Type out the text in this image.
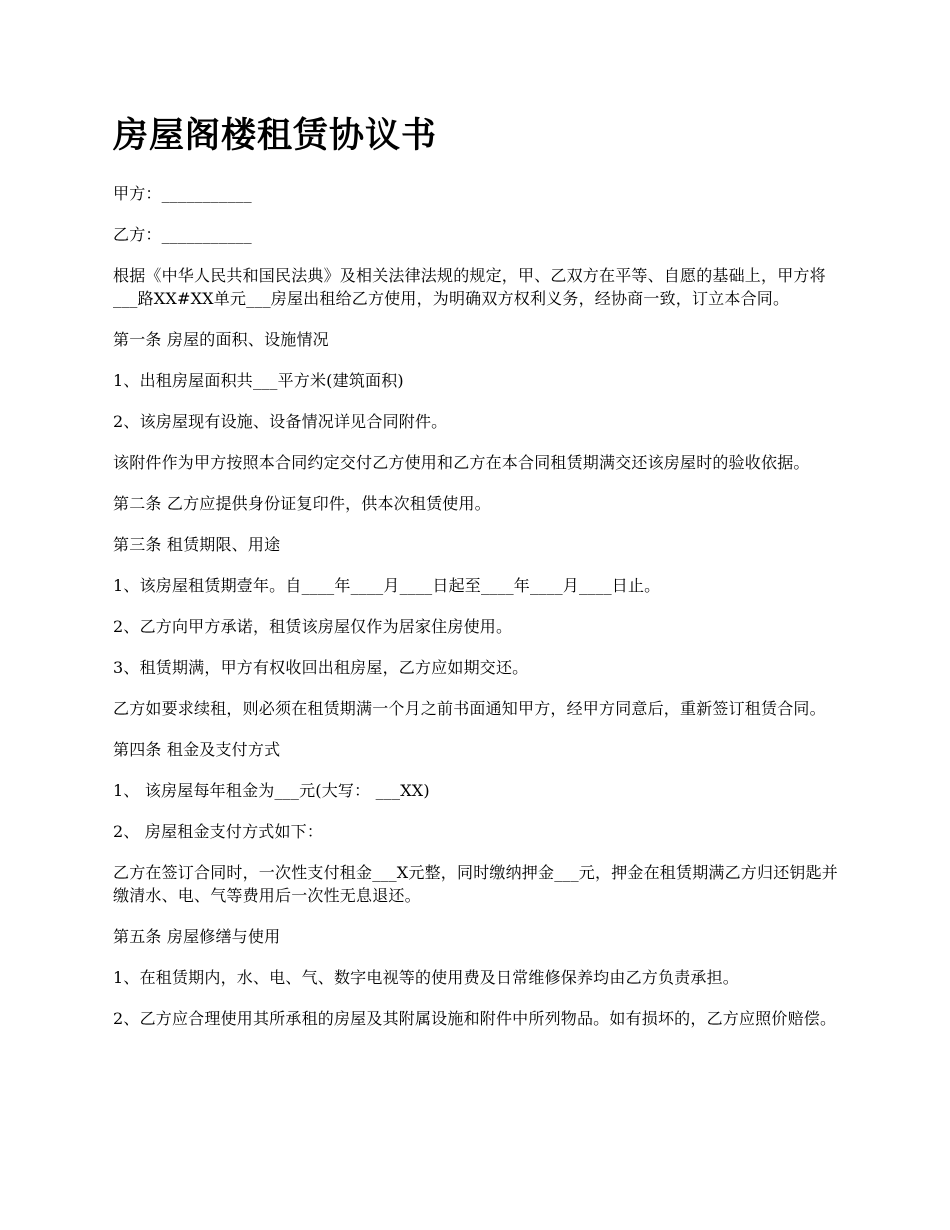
房屋阁楼租赁协议书

甲方：___________

乙方：___________

根据《中华人民共和国民法典》及相关法律法规的规定，甲、乙双方在平等、自愿的基础上，甲方将___路XX#XX单元___房屋出租给乙方使用，为明确双方权利义务，经协商一致，订立本合同。

第一条 房屋的面积、设施情况

1、出租房屋面积共___平方米(建筑面积)

2、该房屋现有设施、设备情况详见合同附件。

该附件作为甲方按照本合同约定交付乙方使用和乙方在本合同租赁期满交还该房屋时的验收依据。

第二条 乙方应提供身份证复印件，供本次租赁使用。

第三条 租赁期限、用途

1、该房屋租赁期壹年。自____年____月____日起至____年____月____日止。

2、乙方向甲方承诺，租赁该房屋仅作为居家住房使用。

3、租赁期满，甲方有权收回出租房屋，乙方应如期交还。

乙方如要求续租，则必须在租赁期满一个月之前书面通知甲方，经甲方同意后，重新签订租赁合同。

第四条 租金及支付方式

1、 该房屋每年租金为___元(大写： ___XX)

2、 房屋租金支付方式如下：

乙方在签订合同时，一次性支付租金___X元整，同时缴纳押金___元，押金在租赁期满乙方归还钥匙并缴清水、电、气等费用后一次性无息退还。

第五条 房屋修缮与使用

1、在租赁期内，水、电、气、数字电视等的使用费及日常维修保养均由乙方负责承担。

2、乙方应合理使用其所承租的房屋及其附属设施和附件中所列物品。如有损坏的，乙方应照价赔偿。
